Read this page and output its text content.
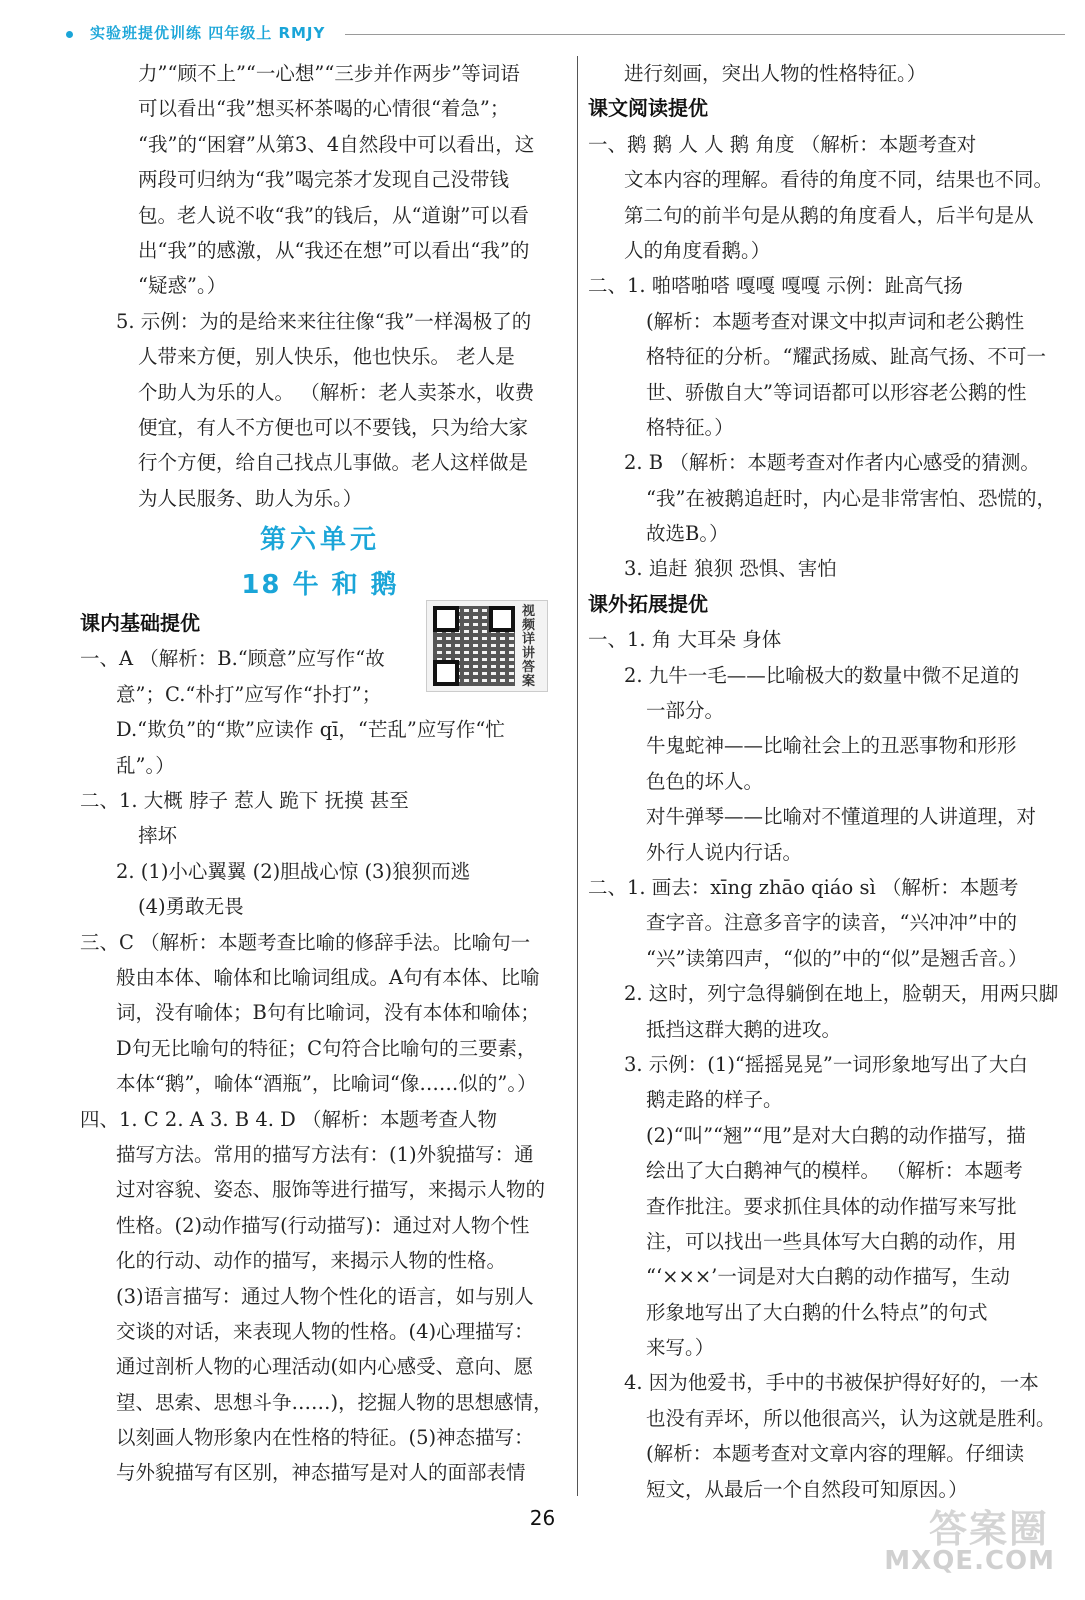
实验班提优训练 四年级上 RMJY
力”“顾不上”“一心想”“三步并作两步”等词语
可以看出“我”想买杯茶喝的心情很“着急”；
“我”的“困窘”从第3、4自然段中可以看出，这
两段可归纳为“我”喝完茶才发现自己没带钱
包。老人说不收“我”的钱后，从“道谢”可以看
出“我”的感激，从“我还在想”可以看出“我”的
“疑惑”。）
5. 示例：为的是给来来往往像“我”一样渴极了的
人带来方便，别人快乐，他也快乐。 老人是
个助人为乐的人。 （解析：老人卖茶水，收费
便宜，有人不方便也可以不要钱，只为给大家
行个方便，给自己找点儿事做。老人这样做是
为人民服务、助人为乐。）
第六单元
18 牛 和 鹅
课内基础提优
一、A （解析：B.“顾意”应写作“故
意”；C.“朴打”应写作“扑打”；
D.“欺负”的“欺”应读作 qī，“芒乱”应写作“忙
乱”。）
二、1. 大概 脖子 惹人 跪下 抚摸 甚至
摔坏
2. (1)小心翼翼 (2)胆战心惊 (3)狼狈而逃
(4)勇敢无畏
三、C （解析：本题考查比喻的修辞手法。比喻句一
般由本体、喻体和比喻词组成。A句有本体、比喻
词，没有喻体；B句有比喻词，没有本体和喻体；
D句无比喻句的特征；C句符合比喻句的三要素，
本体“鹅”，喻体“酒瓶”，比喻词“像……似的”。）
四、1. C 2. A 3. B 4. D （解析：本题考查人物
描写方法。常用的描写方法有：(1)外貌描写：通
过对容貌、姿态、服饰等进行描写，来揭示人物的
性格。(2)动作描写(行动描写)：通过对人物个性
化的行动、动作的描写，来揭示人物的性格。
(3)语言描写：通过人物个性化的语言，如与别人
交谈的对话，来表现人物的性格。(4)心理描写：
通过剖析人物的心理活动(如内心感受、意向、愿
望、思索、思想斗争……)，挖掘人物的思想感情，
以刻画人物形象内在性格的特征。(5)神态描写：
与外貌描写有区别，神态描写是对人的面部表情
视频详讲答案
进行刻画，突出人物的性格特征。）
课文阅读提优
一、鹅 鹅 人 人 鹅 角度 （解析：本题考查对
文本内容的理解。看待的角度不同，结果也不同。
第二句的前半句是从鹅的角度看人，后半句是从
人的角度看鹅。）
二、1. 啪嗒啪嗒 嘎嘎 嘎嘎 示例：趾高气扬
(解析：本题考查对课文中拟声词和老公鹅性
格特征的分析。“耀武扬威、趾高气扬、不可一
世、骄傲自大”等词语都可以形容老公鹅的性
格特征。）
2. B （解析：本题考查对作者内心感受的猜测。
“我”在被鹅追赶时，内心是非常害怕、恐慌的，
故选B。）
3. 追赶 狼狈 恐惧、害怕
课外拓展提优
一、1. 角 大耳朵 身体
2. 九牛一毛——比喻极大的数量中微不足道的
一部分。
牛鬼蛇神——比喻社会上的丑恶事物和形形
色色的坏人。
对牛弹琴——比喻对不懂道理的人讲道理，对
外行人说内行话。
二、1. 画去：xīng zhāo qiáo sì （解析：本题考
查字音。注意多音字的读音，“兴冲冲”中的
“兴”读第四声，“似的”中的“似”是翘舌音。）
2. 这时，列宁急得躺倒在地上，脸朝天，用两只脚
抵挡这群大鹅的进攻。
3. 示例：(1)“摇摇晃晃”一词形象地写出了大白
鹅走路的样子。
(2)“叫”“翘”“甩”是对大白鹅的动作描写，描
绘出了大白鹅神气的模样。 （解析：本题考
查作批注。要求抓住具体的动作描写来写批
注，可以找出一些具体写大白鹅的动作，用
“‘×××’一词是对大白鹅的动作描写，生动
形象地写出了大白鹅的什么特点”的句式
来写。）
4. 因为他爱书，手中的书被保护得好好的，一本
也没有弄坏，所以他很高兴，认为这就是胜利。
(解析：本题考查对文章内容的理解。仔细读
短文，从最后一个自然段可知原因。）
26	答案圈
MXQE.COM
